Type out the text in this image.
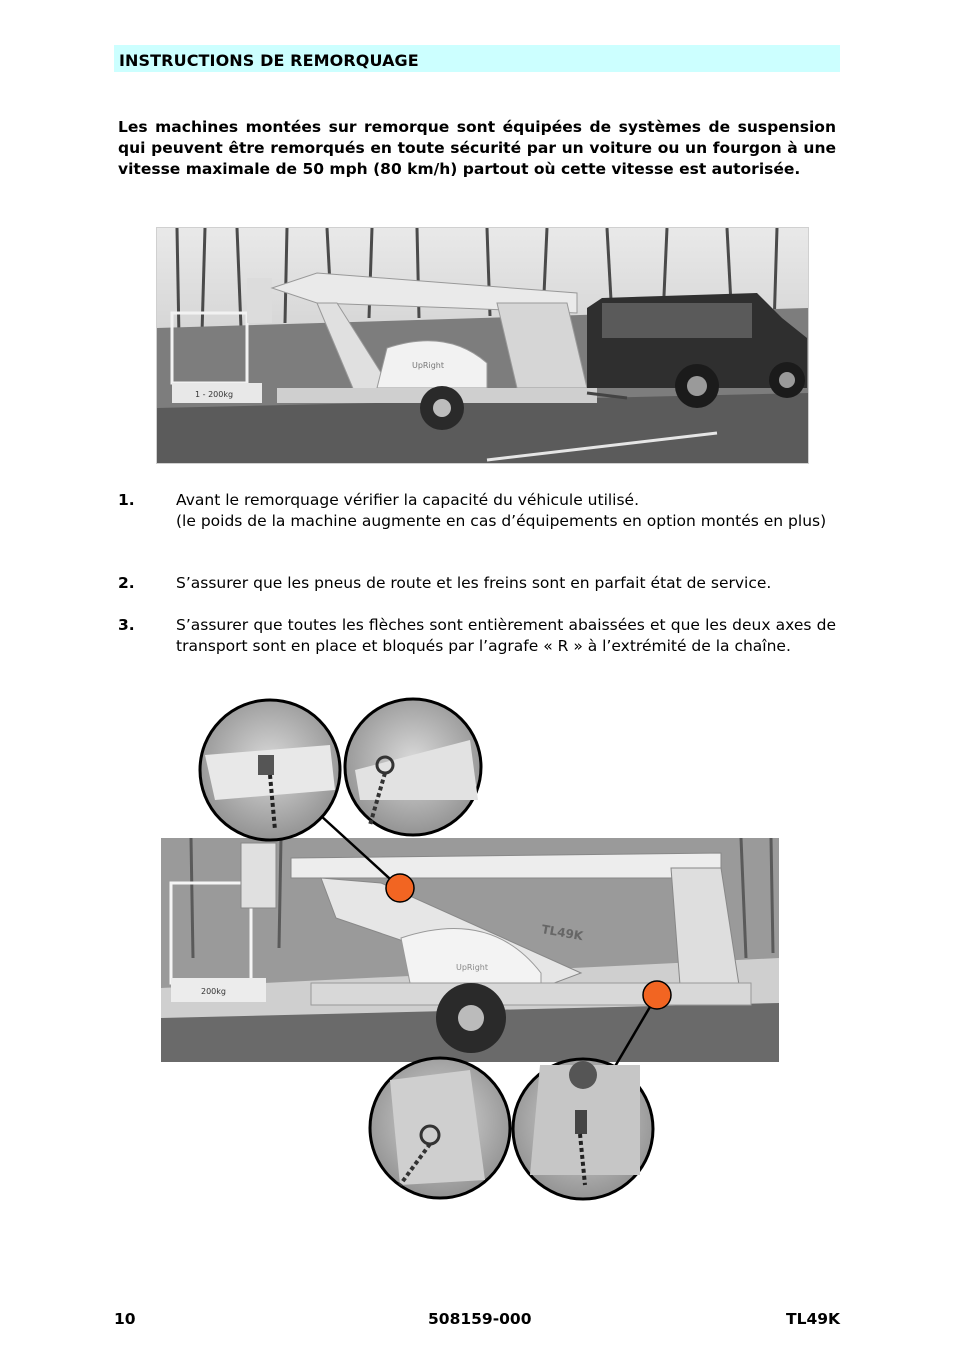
INSTRUCTIONS DE REMORQUAGE
Les machines montées sur remorque sont équipées de systèmes de suspension qui peuvent être remorqués en toute sécurité par un voiture ou un fourgon à une vitesse maximale de 50 mph (80 km/h) partout où cette vitesse est autorisée.
1 - 200kg
UpRight
1.	Avant le remorquage vérifier la capacité du véhicule utilisé.
(le poids de la machine augmente en cas d’équipements en option montés en plus)
2.	S’assurer que les pneus de route et les freins sont en parfait état de service.
3.	S’assurer que toutes les flèches sont entièrement abaissées et que les deux axes de transport sont en place et bloqués par l’agrafe « R » à l’extrémité de la chaîne.
200kg
UpRight
TL49K
10	508159-000	TL49K
